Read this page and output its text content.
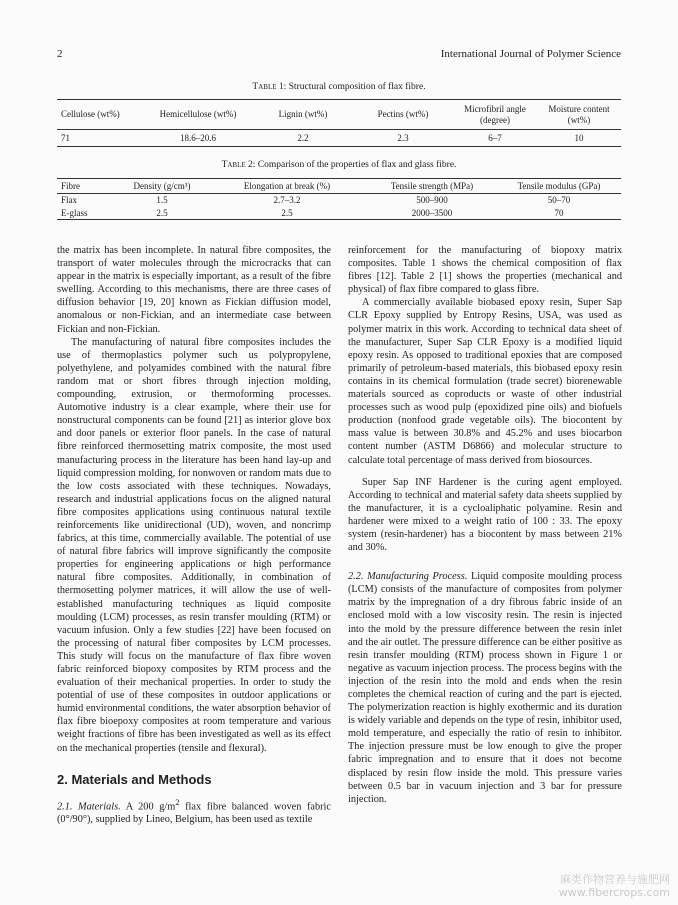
2	International Journal of Polymer Science
Table 1: Structural composition of flax fibre.
Cellulose (wt%)	Hemicellulose (wt%)	Lignin (wt%)	Pectins (wt%)	Microfibril angle (degree)	Moisture content (wt%)
71	18.6–20.6	2.2	2.3	6–7	10
Table 2: Comparison of the properties of flax and glass fibre.
Fibre	Density (g/cm³)	Elongation at break (%)	Tensile strength (MPa)	Tensile modulus (GPa)
Flax	1.5	2.7–3.2	500–900	50–70
E-glass	2.5	2.5	2000–3500	70

the matrix has been incomplete. In natural fibre composites, the transport of water molecules through the microcracks that can appear in the matrix is especially important, as a result of the fibre swelling. According to this mechanisms, there are three cases of diffusion behavior [19, 20] known as Fickian diffusion model, anomalous or non-Fickian, and an intermediate case between Fickian and non-Fickian.

The manufacturing of natural fibre composites includes the use of thermoplastics polymer such us polypropylene, polyethylene, and polyamides combined with the natural fibre random mat or short fibres through injection molding, compounding, extrusion, or thermoforming processes. Automotive industry is a clear example, where their use for nonstructural components can be found [21] as interior glove box and door panels or exterior floor panels. In the case of natural fibre reinforced thermosetting matrix composite, the most used manufacturing process in the literature has been hand lay-up and liquid compression molding, for nonwoven or random mats due to the low costs associated with these techniques. Nowadays, research and industrial applications focus on the aligned natural fibre composites applications using continuous natural textile reinforcements like unidirectional (UD), woven, and noncrimp fabrics, at this time, commercially available. The potential of use of natural fibre fabrics will improve significantly the composite properties for engineering applications or high performance natural fibre composites. Additionally, in combination of thermosetting polymer matrices, it will allow the use of well-established manufacturing techniques as liquid composite moulding (LCM) processes, as resin transfer moulding (RTM) or vacuum infusion. Only a few studies [22] have been focused on the processing of natural fiber composites by LCM processes. This study will focus on the manufacture of flax fibre woven fabric reinforced biopoxy composites by RTM process and the evaluation of their mechanical properties. In order to study the potential of use of these composites in outdoor applications or humid environmental conditions, the water absorption behavior of flax fibre bioepoxy composites at room temperature and various weight fractions of fibre has been investigated as well as its effect on the mechanical properties (tensile and flexural).

2. Materials and Methods

2.1. Materials. A 200 $g/m^2$ flax fibre balanced woven fabric (0°/90°), supplied by Lineo, Belgium, has been used as textile

reinforcement for the manufacturing of biopoxy matrix composites. Table 1 shows the chemical composition of flax fibres [12]. Table 2 [1] shows the properties (mechanical and physical) of flax fibre compared to glass fibre.

A commercially available biobased epoxy resin, Super Sap CLR Epoxy supplied by Entropy Resins, USA, was used as polymer matrix in this work. According to technical data sheet of the manufacturer, Super Sap CLR Epoxy is a modified liquid epoxy resin. As opposed to traditional epoxies that are composed primarily of petroleum-based materials, this biobased epoxy resin contains in its chemical formulation (trade secret) biorenewable materials sourced as coproducts or waste of other industrial processes such as wood pulp (epoxidized pine oils) and biofuels production (nonfood grade vegetable oils). The biocontent by mass value is between 30.8% and 45.2% and uses biocarbon content number (ASTM D6866) and molecular structure to calculate total percentage of mass derived from biosources.

Super Sap INF Hardener is the curing agent employed. According to technical and material safety data sheets supplied by the manufacturer, it is a cycloaliphatic polyamine. Resin and hardener were mixed to a weight ratio of 100 : 33. The epoxy system (resin-hardener) has a biocontent by mass between 21% and 30%.

2.2. Manufacturing Process. Liquid composite moulding process (LCM) consists of the manufacture of composites from polymer matrix by the impregnation of a dry fibrous fabric inside of an enclosed mold with a low viscosity resin. The resin is injected into the mold by the pressure difference between the resin inlet and the air outlet. The pressure difference can be either positive as resin transfer moulding (RTM) process shown in Figure 1 or negative as vacuum injection process. The process begins with the injection of the resin into the mold and ends when the resin completes the chemical reaction of curing and the part is ejected. The polymerization reaction is highly exothermic and its duration is widely variable and depends on the type of resin, inhibitor used, mold temperature, and especially the ratio of resin to inhibitor. The injection pressure must be low enough to give the proper fabric impregnation and to ensure that it does not become displaced by resin flow inside the mold. This pressure varies between 0.5 bar in vacuum injection and 3 bar for pressure injection.

麻类作物营养与施肥网
www.fibercrops.com
